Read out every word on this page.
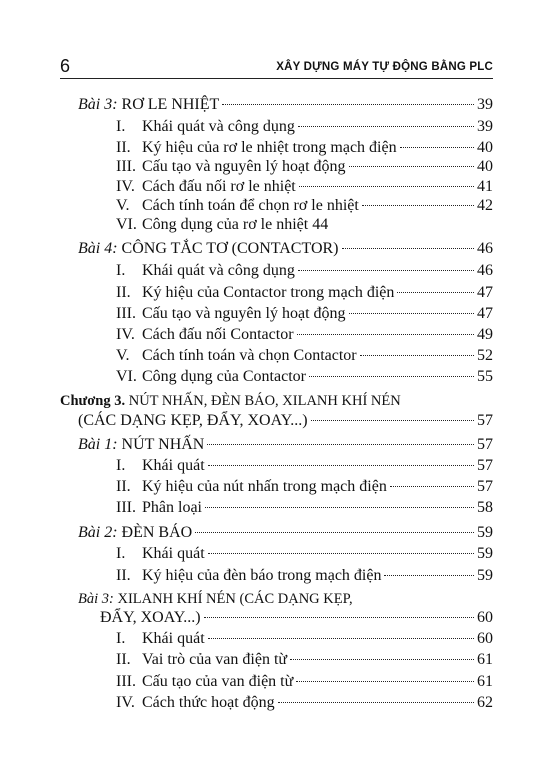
6	XÂY DỰNG MÁY TỰ ĐỘNG BẰNG PLC
Bài 3: RƠ LE NHIỆT	39
I. Khái quát và công dụng	39
II. Ký hiệu của rơ le nhiệt trong mạch điện	40
III. Cấu tạo và nguyên lý hoạt động	40
IV. Cách đấu nối rơ le nhiệt	41
V. Cách tính toán để chọn rơ le nhiệt	42
VI. Công dụng của rơ le nhiệt 44
Bài 4: CÔNG TẮC TƠ (CONTACTOR)	46
I. Khái quát và công dụng	46
II. Ký hiệu của Contactor trong mạch điện	47
III. Cấu tạo và nguyên lý hoạt động	47
IV. Cách đấu nối Contactor	49
V. Cách tính toán và chọn Contactor	52
VI. Công dụng của Contactor	55
Chương 3. NÚT NHẤN, ĐÈN BÁO, XILANH KHÍ NÉN
(CÁC DẠNG KẸP, ĐẨY, XOAY...)	57
Bài 1: NÚT NHẤN	57
I. Khái quát	57
II. Ký hiệu của nút nhấn trong mạch điện	57
III. Phân loại	58
Bài 2: ĐÈN BÁO	59
I. Khái quát	59
II. Ký hiệu của đèn báo trong mạch điện	59
Bài 3: XILANH KHÍ NÉN (CÁC DẠNG KẸP,
ĐẨY, XOAY...)	60
I. Khái quát	60
II. Vai trò của van điện từ	61
III. Cấu tạo của van điện từ	61
IV. Cách thức hoạt động	62
